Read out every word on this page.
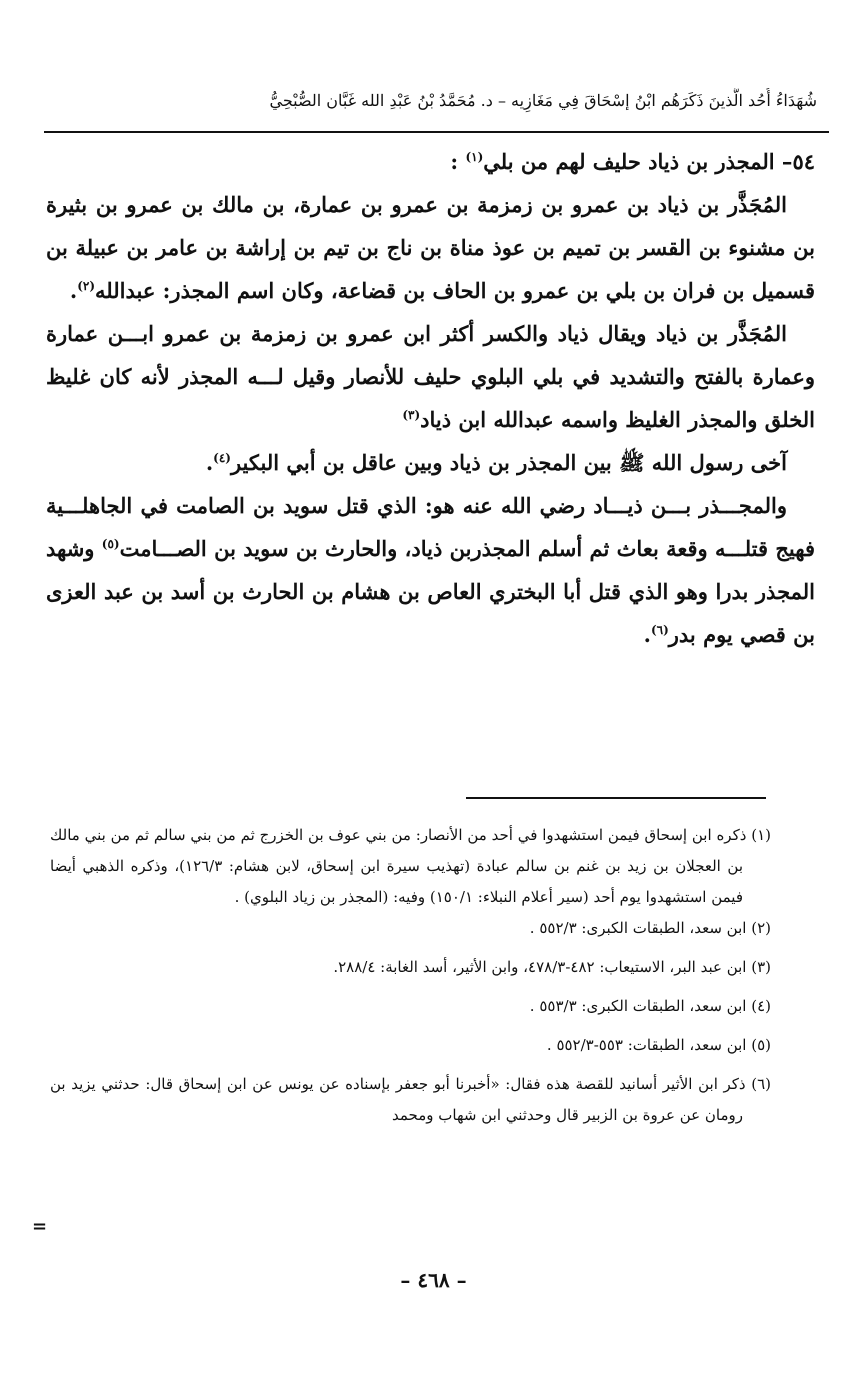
شُهَدَاءُ أُحُد الَّذينَ ذَكَرَهُم ابْنُ إسْحَاقَ فِي مَغَازِيه – د. مُحَمَّدُ بْنُ عَبْدِ الله غَبَّان الصُّبْحِيُّ

٥٤– المجذر بن ذياد حليف لهم من بلي$^{(١)}$ :

المُجَذَّر بن ذياد بن عمرو بن زمزمة بن عمرو بن عمارة، بن مالك بن عمرو بن بثيرة بن مشنوء بن القسر بن تميم بن عوذ مناة بن ناج بن تيم بن إراشة بن عامر بن عبيلة بن قسميل بن فران بن بلي بن عمرو بن الحاف بن قضاعة، وكان اسم المجذر: عبدالله$^{(٢)}$.

المُجَذَّر بن ذياد ويقال ذياد والكسر أكثر ابن عمرو بن زمزمة بن عمرو ابـــن عمارة وعمارة بالفتح والتشديد في بلي البلوي حليف للأنصار وقيل لـــه المجذر لأنه كان غليظ الخلق والمجذر الغليظ واسمه عبدالله ابن ذياد$^{(٣)}$

آخى رسول الله ﷺ بين المجذر بن ذياد وبين عاقل بن أبي البكير$^{(٤)}$.

والمجـــذر بـــن ذيـــاد رضي الله عنه هو: الذي قتل سويد بن الصامت في الجاهلـــية فهيج قتلـــه وقعة بعاث ثم أسلم المجذربن ذياد، والحارث بن سويد بن الصـــامت$^{(٥)}$ وشهد المجذر بدرا وهو الذي قتل أبا البختري العاص بن هشام بن الحارث بن أسد بن عبد العزى بن قصي يوم بدر$^{(٦)}$.

(١) ذكره ابن إسحاق فيمن استشهدوا في أحد من الأنصار: من بني عوف بن الخزرج ثم من بني سالم ثم من بني مالك بن العجلان بن زيد بن غنم بن سالم عبادة (تهذيب سيرة ابن إسحاق، لابن هشام: ١٢٦/٣)، وذكره الذهبي أيضا فيمن استشهدوا يوم أحد (سير أعلام النبلاء: ١٥٠/١) وفيه: (المجذر بن زياد البلوي) .

(٢) ابن سعد، الطبقات الكبرى: ٥٥٢/٣ .

(٣) ابن عبد البر، الاستيعاب: ٤٨٢-٤٧٨/٣، وابن الأثير، أسد الغابة: ٢٨٨/٤.

(٤) ابن سعد، الطبقات الكبرى: ٥٥٣/٣ .

(٥) ابن سعد، الطبقات: ٥٥٣-٥٥٢/٣ .

(٦) ذكر ابن الأثير أسانيد للقصة هذه فقال: «أخبرنا أبو جعفر بإسناده عن يونس عن ابن إسحاق قال: حدثني يزيد بن رومان عن عروة بن الزبير قال وحدثني ابن شهاب ومحمد

=
– ٤٦٨ –
